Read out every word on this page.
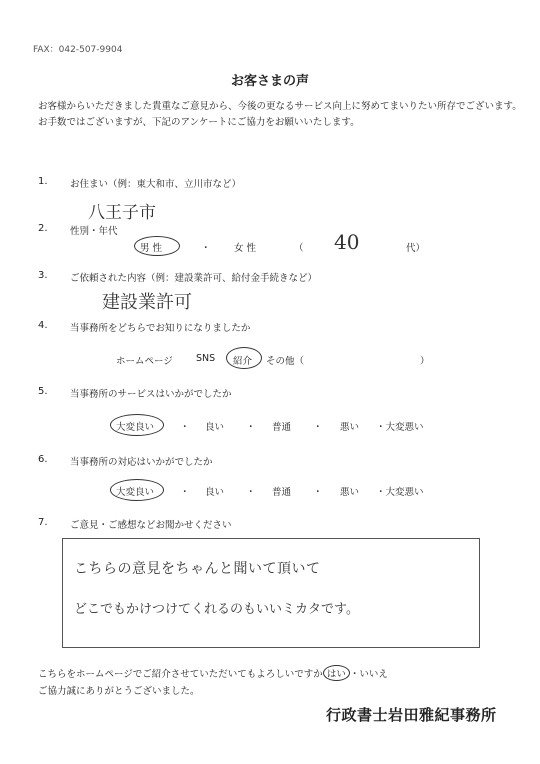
FAX：042-507-9904
お客さまの声
お客様からいただきました貴重なご意見から、今後の更なるサービス向上に努めてまいりたい所存でございます。
お手数ではございますが、下記のアンケートにご協力をお願いいたします。
1. お住まい（例：東大和市、立川市など）
八王子市
2. 性別・年代
男 性	・ 女 性	（ 40	代）
3. ご依頼された内容（例：建設業許可、給付金手続きなど）
建設業許可
4. 当事務所をどちらでお知りになりましたか
ホームページ SNS 紹介 その他（	）
5. 当事務所のサービスはいかがでしたか
大変良い	・ 良い ・ 普通 ・ 悪い ・大変悪い
6. 当事務所の対応はいかがでしたか
大変良い	・ 良い ・ 普通 ・ 悪い ・大変悪い
7. ご意見・ご感想などお聞かせください
こちらの意見をちゃんと聞いて頂いて
どこでもかけつけてくれるのもいいミカタです。
こちらをホームページでご紹介させていただいてもよろしいですか はい ・いいえ
ご協力誠にありがとうございました。
行政書士岩田雅紀事務所
